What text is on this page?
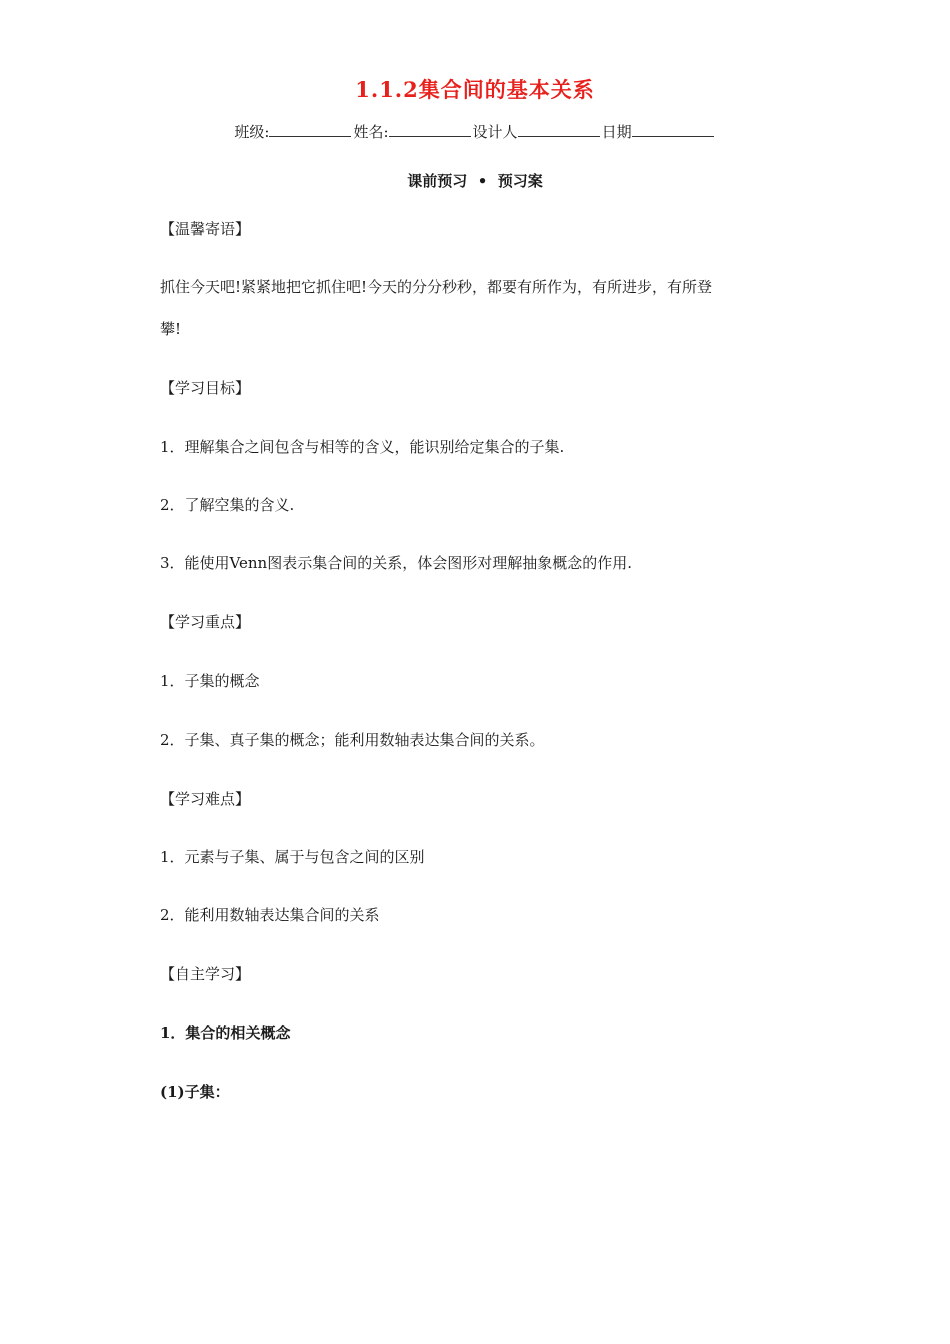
1.1.2集合间的基本关系
班级:	姓名:	设计人	日期
课前预习  •  预习案
【温馨寄语】
抓住今天吧!紧紧地把它抓住吧!今天的分分秒秒，都要有所作为，有所进步，有所登
攀!
【学习目标】
1．理解集合之间包含与相等的含义，能识别给定集合的子集.
2．了解空集的含义.
3．能使用Venn图表示集合间的关系，体会图形对理解抽象概念的作用.
【学习重点】
1．子集的概念
2．子集、真子集的概念；能利用数轴表达集合间的关系。
【学习难点】
1．元素与子集、属于与包含之间的区别
2．能利用数轴表达集合间的关系
【自主学习】
1．集合的相关概念
(1)子集：
